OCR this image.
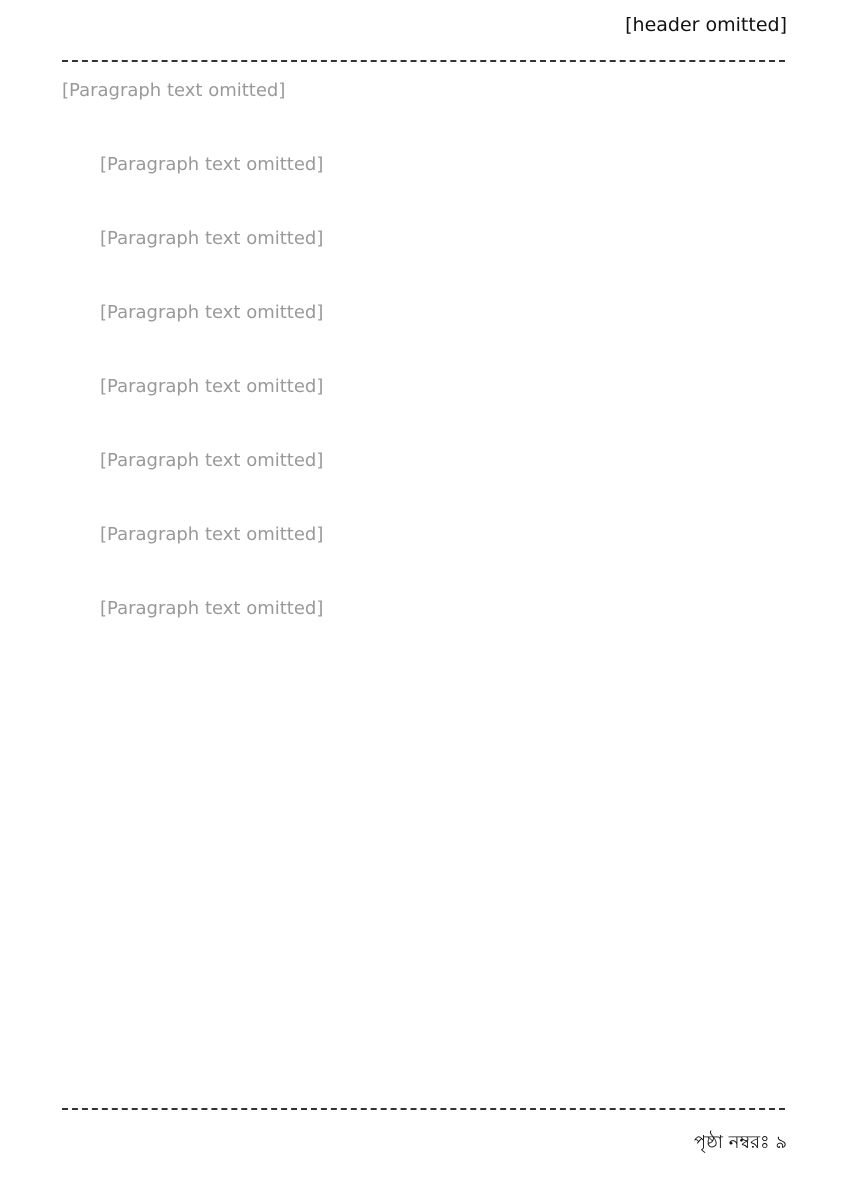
[header omitted]

[Paragraph text omitted]

[Paragraph text omitted]

[Paragraph text omitted]

[Paragraph text omitted]

[Paragraph text omitted]

[Paragraph text omitted]

[Paragraph text omitted]

[Paragraph text omitted]

পৃষ্ঠা নম্বরঃ ৯
